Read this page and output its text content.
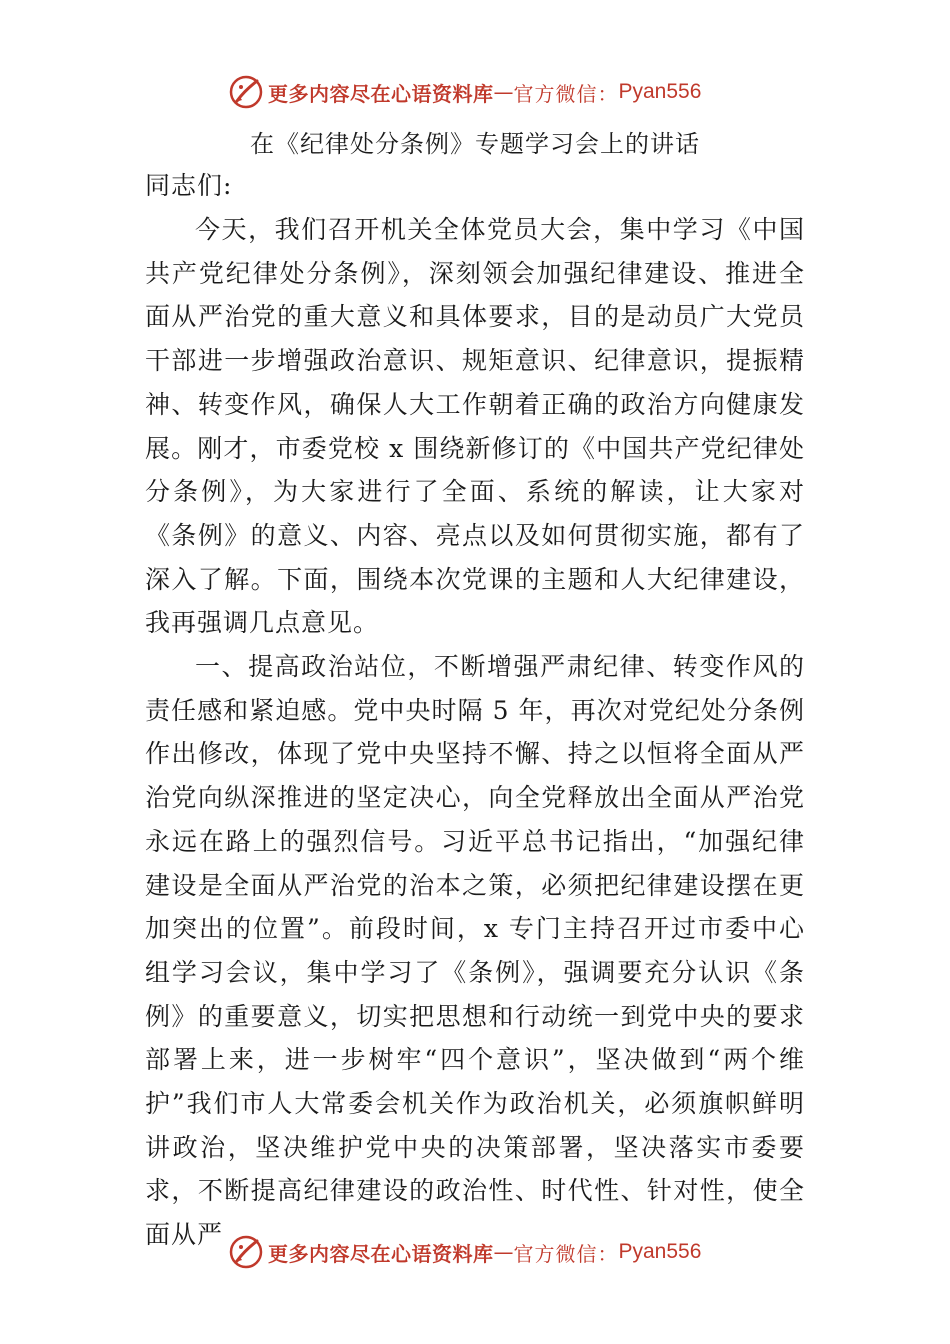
更多内容尽在心语资料库 — 官方微信： Pyan556
在《纪律处分条例》专题学习会上的讲话

同志们:

今天，我们召开机关全体党员大会，集中学习《中国共产党纪律处分条例》，深刻领会加强纪律建设、推进全面从严治党的重大意义和具体要求，目的是动员广大党员干部进一步增强政治意识、规矩意识、纪律意识，提振精神、转变作风，确保人大工作朝着正确的政治方向健康发展。刚才，市委党校 x 围绕新修订的《中国共产党纪律处分条例》，为大家进行了全面、系统的解读，让大家对《条例》的意义、内容、亮点以及如何贯彻实施，都有了深入了解。下面，围绕本次党课的主题和人大纪律建设，我再强调几点意见。

一、提高政治站位，不断增强严肃纪律、转变作风的责任感和紧迫感。党中央时隔 5 年，再次对党纪处分条例作出修改，体现了党中央坚持不懈、持之以恒将全面从严治党向纵深推进的坚定决心，向全党释放出全面从严治党永远在路上的强烈信号。习近平总书记指出，“加强纪律建设是全面从严治党的治本之策，必须把纪律建设摆在更加突出的位置”。前段时间，x 专门主持召开过市委中心组学习会议，集中学习了《条例》，强调要充分认识《条例》的重要意义，切实把思想和行动统一到党中央的要求部署上来，进一步树牢“四个意识”，坚决做到“两个维护”我们市人大常委会机关作为政治机关，必须旗帜鲜明讲政治，坚决维护党中央的决策部署，坚决落实市委要求，不断提高纪律建设的政治性、时代性、针对性，使全面从严

更多内容尽在心语资料库 — 官方微信： Pyan556
